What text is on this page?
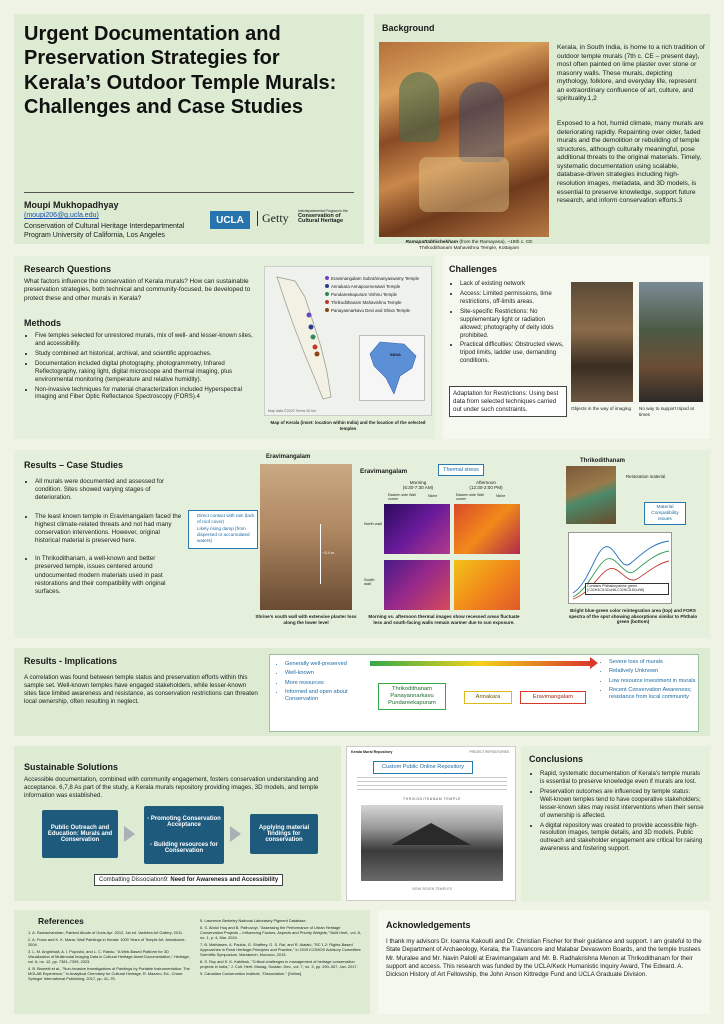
Urgent Documentation and Preservation Strategies for Kerala’s Outdoor Temple Murals: Challenges and Case Studies
Moupi Mukhopadhyay
(moupi206@g.ucla.edu)
Conservation of Cultural Heritage Interdepartmental Program University of California, Los Angeles
UCLA	Getty	Interdepartmental Program in the
Conservation of Cultural Heritage
Background
Ramapattabhishekham (from the Ramayana), ~18th c. CE
Thrikodithanam Mahavishnu Temple, Kottayam
Kerala, in South India, is home to a rich tradition of outdoor temple murals (7th c. CE – present day), most often painted on lime plaster over stone or masonry walls. These murals, depicting mythology, folklore, and everyday life, represent an extraordinary confluence of art, culture, and spirituality.1,2
Exposed to a hot, humid climate, many murals are deteriorating rapidly. Repainting over older, faded murals and the demolition or rebuilding of temple structures, although culturally meaningful, pose additional threats to the original materials. Timely, systematic documentation using scalable, database-driven strategies including high-resolution images, metadata, and 3D models, is essential to preserve knowledge, support future research, and inform conservation efforts.3
Research Questions
What factors influence the conservation of Kerala murals? How can sustainable preservation strategies, both technical and community-focused, be developed to protect these and other murals in Kerala?
Methods
• Five temples selected for unrestored murals, mix of well- and lesser-known sites, and accessibility.
• Study combined art historical, archival, and scientific approaches.
• Documentation included digital photography, photogrammetry, Infrared Reflectography, raking light, digital microscope and thermal imaging, plus environmental monitoring (temperature and relative humidity).
• Non-invasive techniques for material characterization included Hyperspectral imaging and Fiber Optic Reflectance Spectroscopy (FORS).4
Eravimangalam Subrahmanyaswamy Temple
Annakara Annapoorneswari Temple
Pundareekapuram Vishnu Temple
Thrikodithanam Mahavishnu Temple
Panayannarkavu Devi and Shiva Temple
INDIA
Map data ©2022 Terms 50 km
Map of Kerala (inset: location within India) and the location of the selected temples
Challenges
• Lack of existing network
• Access: Limited permissions, time restrictions, off-limits areas.
• Site-specific Restrictions: No supplementary light or radiation allowed; photography of deity idols prohibited.
• Practical difficulties: Obstructed views, tripod limits, ladder use, demanding conditions.
Adaptation for Restrictions: Using best data from selected techniques carried out under such constraints.	Objects in the way of imaging	No way to support tripod at times
Results – Case Studies
• All murals were documented and assessed for condition. Sites showed varying stages of deterioration.
• The least known temple in Eravimangalam faced the highest climate-related threats and not had many conservation interventions. However, original historical material is preserved here.
• In Thrikodithanam, a well-known and better preserved temple, issues centered around undocumented modern materials used in past restorations and their compatibility with original surfaces.
Eravimangalam
~3.4 m
• Direct contact with rain (lack of roof cover)
• Likely rising damp (from dispersed or accumulated waters)
Shrine's south wall with extensive plaster loss along the lower level
Eravimangalam	Thermal stress
Morning
(6:30-7:30 AM)
Afternoon
(12:30-2:00 PM)
Eastern side Wall corner
Niche	Eastern side Wall corner
Niche
North wall
South wall
Morning vs. afternoon thermal images show recessed areas fluctuate less and south-facing walls remain warmer due to sun exposure.
Thrikodithanam
Restoration material
Material Compatibility issues
Contains Phthalocyanine green (C32H3Cl13CuN8-C32HCl15CuN8)
Bright blue-green color reintegration area (top) and FORS spectra of the spot showing absorptions similar to Phthalo green (bottom)
Results - Implications
A correlation was found between temple status and preservation efforts within this sample set. Well-known temples have engaged stakeholders, while lesser-known sites face limited awareness and resistance, as conservation restrictions can threaten local ownership, often resulting in neglect.
• Generally well-preserved
• Well-known
• More resources
• Informed and open about Conservation
• Severe loss of murals
• Relatively Unknown
• Low resource investment in murals
• Recent Conservation Awareness; resistance from local community
Thrikodithanam Panayannarkavu Pundareekapuram
Annakara	Eravimangalam
Sustainable Solutions
Accessible documentation, combined with community engagement, fosters conservation understanding and acceptance. 6,7,8 As part of the study, a Kerala murals repository providing images, 3D models, and temple information was established.
Public Outreach and Education: Murals and Conservation
- Promoting Conservation Acceptance
- Building resources for Conservation
Applying material findings for conservation
Combatting Dissociation9: Need for Awareness and Accessibility
Kerala Mural Repository	PROJECT REPOSITORIES
Custom Public Online Repository
THRIKODITHANAM TEMPLE
VIEW SEVEN TEMPLES
Conclusions
• Rapid, systematic documentation of Kerala's temple murals is essential to preserve knowledge even if murals are lost.
• Preservation outcomes are influenced by temple status: Well-known temples tend to have cooperative stakeholders; lesser-known sites may resist interventions when their sense of ownership is affected.
• A digital repository was created to provide accessible high-resolution images, temple details, and 3D models. Public outreach and stakeholder engagement are critical for raising awareness and fostering support.
References
1. A. Ramachandran, Painted Abode of Gods Apr. 2012, 1st ed. Vadehra Art Gallery, 2011.
2. A. Franz and K. K. Marar, Wall Paintings in Kerala: 1000 Years of Temple Art. Amsidoche, 2004.
3. L. M. Angheluță, A. I. Popovici, and L. C. Rațoiu, "A Web-Based Platform for 3D Visualization of Multimodal Imaging Data in Cultural Heritage Asset Documentation," Heritage, vol. 6, no. 12, pp. 7381–7399, 2023.
4. B. Brunetti et al., "Non-invasive Investigations of Paintings by Portable Instrumentation: The MOLAB Experience," in Analytical Chemistry for Cultural Heritage, R. Mazzeo, Ed., Cham: Springer International Publishing, 2017, pp. 41–75.
5. Lawrence Berkeley National Laboratory Pigment Database.
6. S. Abdul Huq and B. Pathuvoyi, "Assessing the Performance of Urban Heritage Conservation Projects – Influencing Factors, Aspects and Priority Weights," Built Herit., vol. 8, no. 1, p. 4, Mar. 2024.
7. B. Mathiasen, A. Paulus, G. Shaffrey, G. S. Rai, and R. Alatalu, "RC 1.2: Rights-Based Approaches in Rural Heritage-Principles and Practice," in 2019 ICOMOS Advisory Committee Scientific Symposium, Marrakech, Morocco, 2019.
8. S. Roy and S. K. Kabilesh, "Critical challenges in management of heritage conservation projects in India," J. Cult. Herit. Manag. Sustain. Dev., vol. 7, no. 3, pp. 290–307, Jan. 2017.
9. Canadian Conservation Institute, "Dissociation." [Online].
Acknowledgements
I thank my advisors Dr. Ioanna Kakoulli and Dr. Christian Fischer for their guidance and support. I am grateful to the State Department of Archaeology, Kerala, the Travancore and Malabar Devaswom Boards, and the temple trustees Mr. Muralee and Mr. Navin Palolil at Eravimangalam and Mr. B. Radhakrishna Menon at Thrikodithanam for their support and access. This research was funded by the UCLA/Keck Humanistic Inquiry Award, The Edward. A. Dickson History of Art Fellowship, the John Anson Kittredge Fund and UCLA Graduate Division.
